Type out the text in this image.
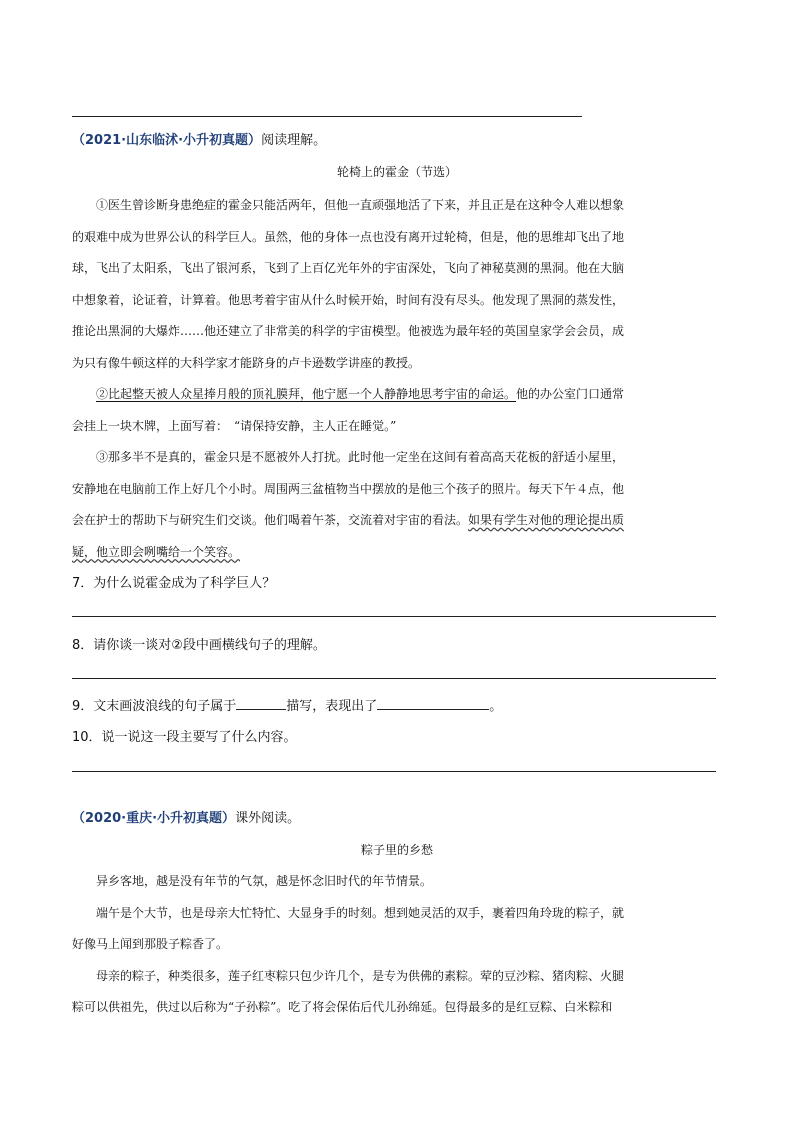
（2021·山东临沭·小升初真题）阅读理解。
轮椅上的霍金（节选）
①医生曾诊断身患绝症的霍金只能活两年，但他一直顽强地活了下来，并且正是在这种令人难以想象
的艰难中成为世界公认的科学巨人。虽然，他的身体一点也没有离开过轮椅，但是，他的思维却飞出了地
球，飞出了太阳系，飞出了银河系，飞到了上百亿光年外的宇宙深处，飞向了神秘莫测的黑洞。他在大脑
中想象着，论证着，计算着。他思考着宇宙从什么时候开始，时间有没有尽头。他发现了黑洞的蒸发性，
推论出黑洞的大爆炸……他还建立了非常美的科学的宇宙模型。他被选为最年轻的英国皇家学会会员，成
为只有像牛顿这样的大科学家才能跻身的卢卡逊数学讲座的教授。
②比起整天被人众星捧月般的顶礼膜拜，他宁愿一个人静静地思考宇宙的命运。他的办公室门口通常
会挂上一块木牌，上面写着：　“请保持安静，主人正在睡觉。”
③那多半不是真的，霍金只是不愿被外人打扰。此时他一定坐在这间有着高高天花板的舒适小屋里，
安静地在电脑前工作上好几个小时。周围两三盆植物当中摆放的是他三个孩子的照片。每天下午４点，他
会在护士的帮助下与研究生们交谈。他们喝着午茶，交流着对宇宙的看法。如果有学生对他的理论提出质
疑，他立即会咧嘴给一个笑容。
7．为什么说霍金成为了科学巨人？
8．请你谈一谈对②段中画横线句子的理解。
9．文末画波浪线的句子属于	描写，表现出了	。
10．说一说这一段主要写了什么内容。
（2020·重庆·小升初真题）课外阅读。
粽子里的乡愁
异乡客地，越是没有年节的气氛，越是怀念旧时代的年节情景。
端午是个大节，也是母亲大忙特忙、大显身手的时刻。想到她灵活的双手，裹着四角玲珑的粽子，就
好像马上闻到那股子粽香了。
母亲的粽子，种类很多，莲子红枣粽只包少许几个，是专为供佛的素粽。荤的豆沙粽、猪肉粽、火腿
粽可以供祖先，供过以后称为“子孙粽”。吃了将会保佑后代儿孙绵延。包得最多的是红豆粽、白米粽和
